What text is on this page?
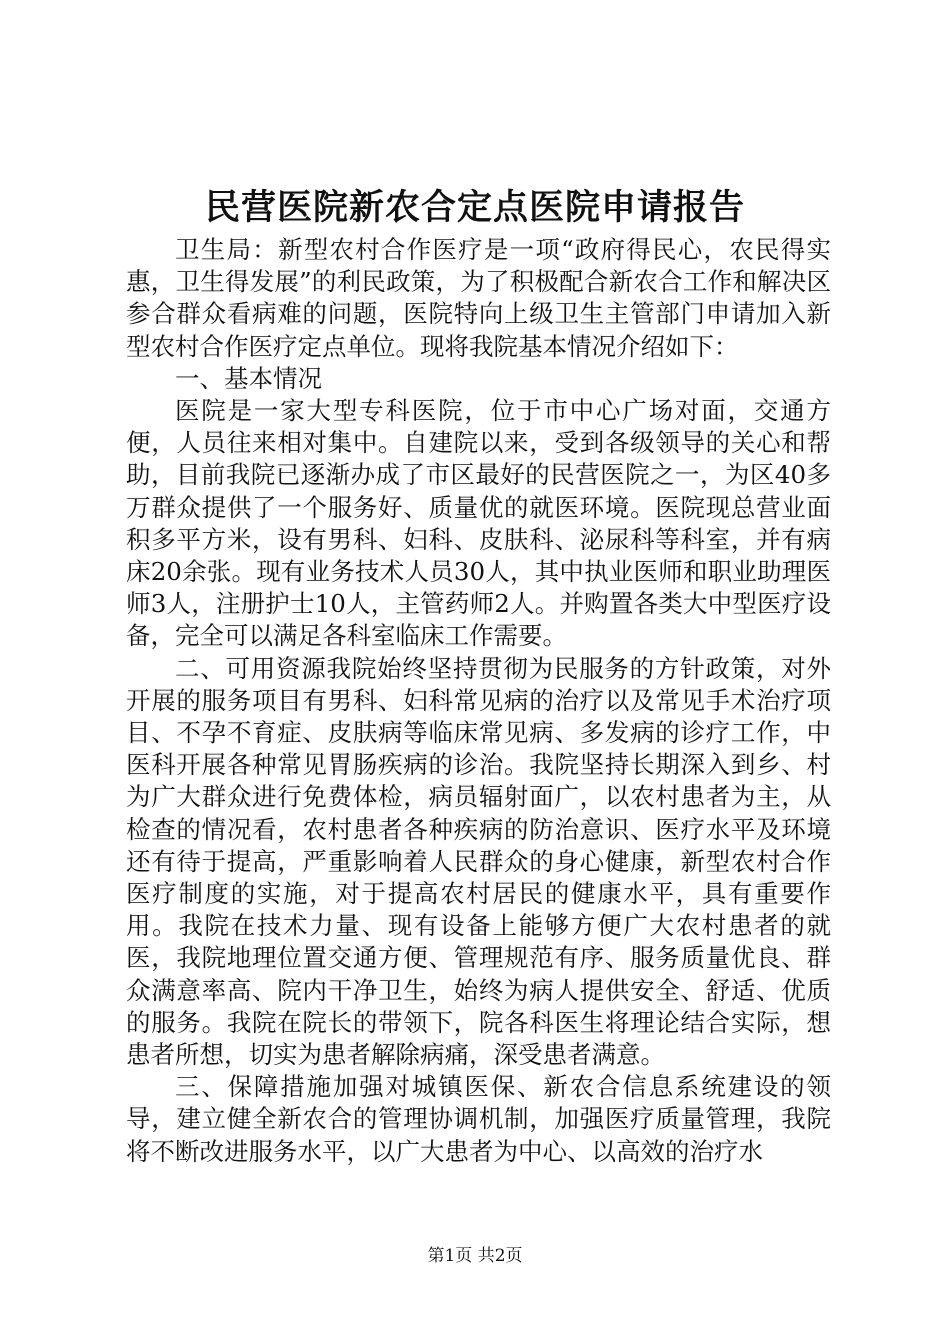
民营医院新农合定点医院申请报告

卫生局：新型农村合作医疗是一项“政府得民心，农民得实惠，卫生得发展”的利民政策，为了积极配合新农合工作和解决区参合群众看病难的问题，医院特向上级卫生主管部门申请加入新型农村合作医疗定点单位。现将我院基本情况介绍如下：

一、基本情况

医院是一家大型专科医院，位于市中心广场对面，交通方便，人员往来相对集中。自建院以来，受到各级领导的关心和帮助，目前我院已逐渐办成了市区最好的民营医院之一，为区40多万群众提供了一个服务好、质量优的就医环境。医院现总营业面积多平方米，设有男科、妇科、皮肤科、泌尿科等科室，并有病床20余张。现有业务技术人员30人，其中执业医师和职业助理医师3人，注册护士10人，主管药师2人。并购置各类大中型医疗设备，完全可以满足各科室临床工作需要。

二、可用资源我院始终坚持贯彻为民服务的方针政策，对外开展的服务项目有男科、妇科常见病的治疗以及常见手术治疗项目、不孕不育症、皮肤病等临床常见病、多发病的诊疗工作，中医科开展各种常见胃肠疾病的诊治。我院坚持长期深入到乡、村为广大群众进行免费体检，病员辐射面广，以农村患者为主，从检查的情况看，农村患者各种疾病的防治意识、医疗水平及环境还有待于提高，严重影响着人民群众的身心健康，新型农村合作医疗制度的实施，对于提高农村居民的健康水平，具有重要作用。我院在技术力量、现有设备上能够方便广大农村患者的就医，我院地理位置交通方便、管理规范有序、服务质量优良、群众满意率高、院内干净卫生，始终为病人提供安全、舒适、优质的服务。我院在院长的带领下，院各科医生将理论结合实际，想患者所想，切实为患者解除病痛，深受患者满意。

三、保障措施加强对城镇医保、新农合信息系统建设的领导，建立健全新农合的管理协调机制，加强医疗质量管理，我院将不断改进服务水平，以广大患者为中心、以高效的治疗水

第1页 共2页
